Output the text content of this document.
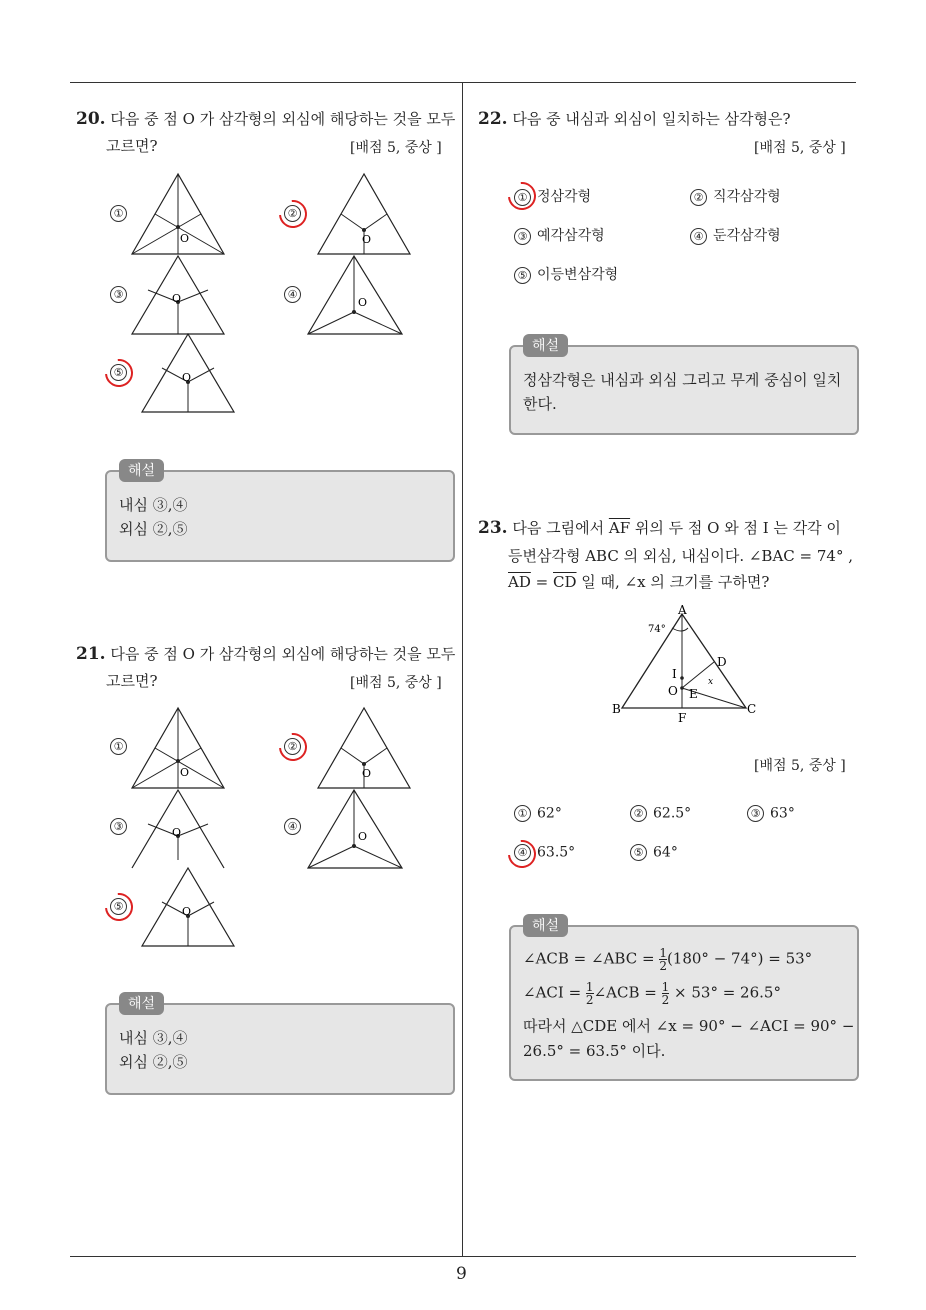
9
20. 다음 중 점 O 가 삼각형의 외심에 해당하는 것을 모두
고르면?	[배점 5, 중상 ]
①	②
③	④
⑤
O	O
O	O
O
해설
내심 ③,④
외심 ②,⑤
21. 다음 중 점 O 가 삼각형의 외심에 해당하는 것을 모두
고르면?	[배점 5, 중상 ]
①	②
③	④
⑤
O	O
O	O
O
해설
내심 ③,④
외심 ②,⑤
22. 다음 중 내심과 외심이 일치하는 삼각형은?
[배점 5, 중상 ]
① 정삼각형	② 직각삼각형
③ 예각삼각형	④ 둔각삼각형
⑤ 이등변삼각형
해설
정삼각형은 내심과 외심 그리고 무게 중심이 일치
한다.
23. 다음 그림에서 $\overline{AF}$ 위의 두 점 O 와 점 I 는 각각 이
등변삼각형 ABC 의 외심, 내심이다. ∠BAC = 74° ,
$\overline{AD} = \overline{CD}$ 일 때, ∠x 의 크기를 구하면?
A
B	C
D
E
F
I
O
74°
x
[배점 5, 중상 ]
① 62°	② 62.5°	③ 63°
④ 63.5°	⑤ 64°
해설
∠ACB = ∠ABC = $\frac{1}{2} (180^\circ - 74^\circ) = 53^\circ$
∠ACI = $\frac{1}{2}$ ∠ACB = $\frac{1}{2} \times 53^\circ = 26.5^\circ$
따라서 △CDE 에서 ∠x = 90° − ∠ACI = 90° −
26.5° = 63.5° 이다.
